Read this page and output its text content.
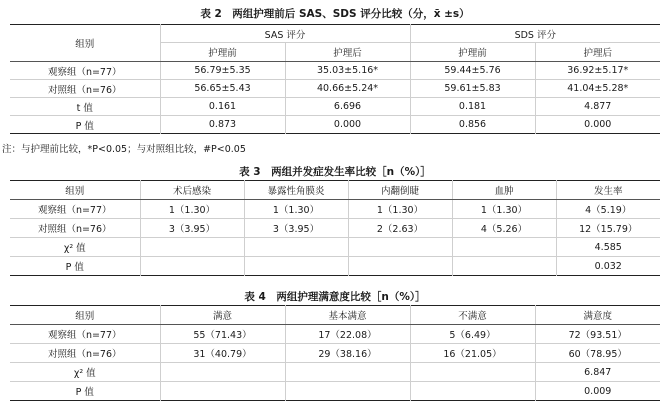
表 2　两组护理前后 SAS、SDS 评分比较（分，x̄ ±s）
组别	SAS 评分		SDS 评分	
	护理前	护理后	护理前	护理后
观察组（n=77）	56.79±5.35	35.03±5.16*	59.44±5.76	36.92±5.17*
对照组（n=76）	56.65±5.43	40.66±5.24*	59.61±5.83	41.04±5.28*
t 值	0.161	6.696	0.181	4.877
P 值	0.873	0.000	0.856	0.000
注：与护理前比较，*P<0.05；与对照组比较，#P<0.05
表 3　两组并发症发生率比较［n（%）］
组别	术后感染	暴露性角膜炎	内翻倒睫	血肿	发生率
观察组（n=77）	1（1.30）	1（1.30）	1（1.30）	1（1.30）	4（5.19）
对照组（n=76）	3（3.95）	3（3.95）	2（2.63）	4（5.26）	12（15.79）
χ² 值					4.585
P 值					0.032
表 4　两组护理满意度比较［n（%）］
组别	满意	基本满意	不满意	满意度
观察组（n=77）	55（71.43）	17（22.08）	5（6.49）	72（93.51）
对照组（n=76）	31（40.79）	29（38.16）	16（21.05）	60（78.95）
χ² 值				6.847
P 值				0.009
